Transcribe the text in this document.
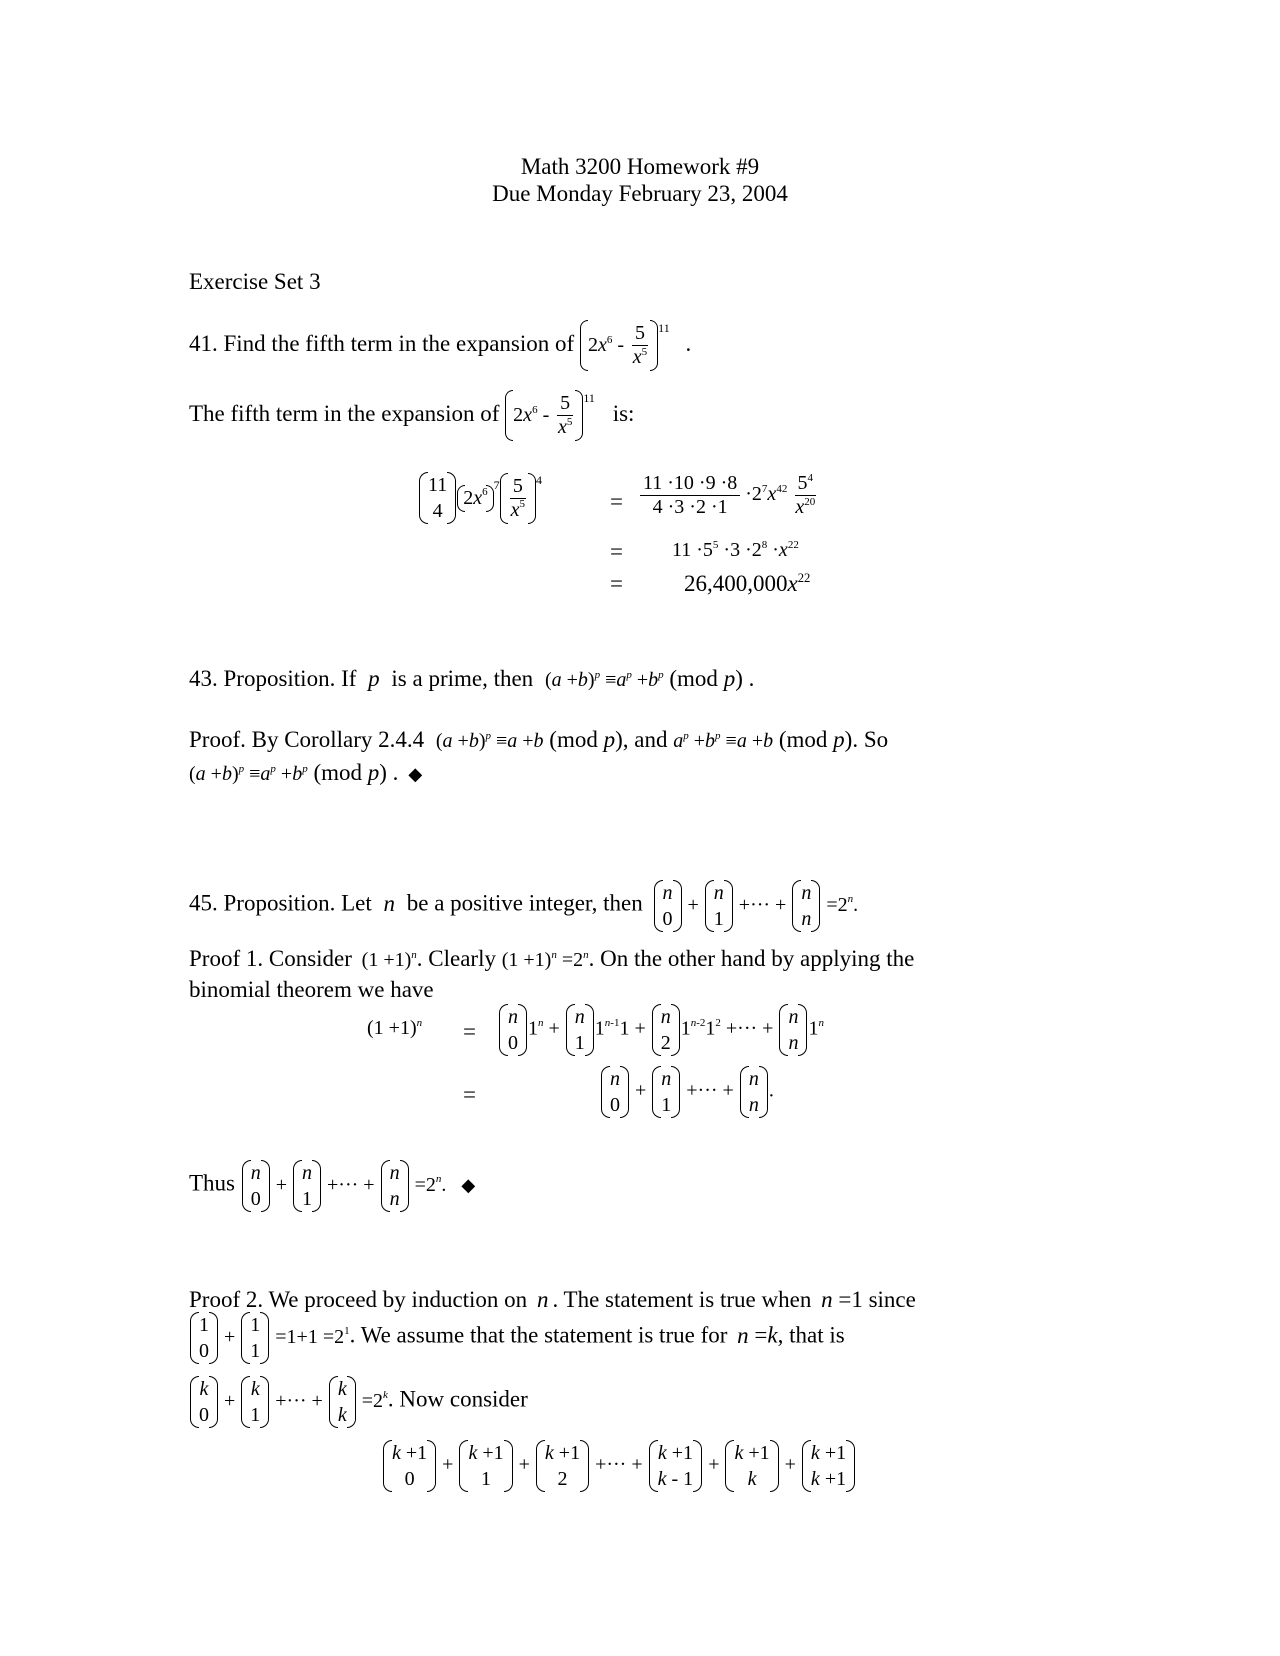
Math 3200 Homework #9
Due Monday February 23, 2004
Exercise Set 3
41. Find the fifth term in the expansion of $2x^6 - \frac{5}{x^5} ^{11}$ .
The fifth term in the expansion of $2x^6 - \frac{5}{x^5} ^{11}$ is:
11
4
$2x^{67} \frac{5}{x^5} ^4$
= $\frac{11 \cdot 10 \cdot 9 \cdot 8}{4 \cdot 3 \cdot 2 \cdot 1} \cdot 2^7x^{42} \frac{5^4}{x^{20}}$
= $11 \cdot 5^5 \cdot 3 \cdot 2^8 \cdot x^{22}$
=	$26,400,000x^{22}$
43. Proposition. If p is a prime, then $(a +b)^p \equiv a^p +b^p$ (mod p) .
Proof. By Corollary 2.4.4 $(a +b)^p \equiv a +b$ (mod p), and $a^p +b^p \equiv a +b$ (mod p). So
$(a +b)^p \equiv a^p +b^p$ (mod p) . ◆
45. Proposition. Let n be a positive integer, then n
0
+
n
1
+··· +
n
n
$=2^n$.
Proof 1. Consider $(1 +1)^n$. Clearly $(1 +1)^n =2^n$. On the other hand by applying the
binomial theorem we have
$(1 +1)^n$ =
n
0
$1^n$ +
n
1
$1^{n-1}1$ +
n
2
$1^{n-2}1^2$ +··· +
n
n
$1^n$
=
n
0
+
n
1
+··· +
n
n
.
Thus n
0
+
n
1
+··· +
n
n
$=2^n$. ◆
Proof 2. We proceed by induction on n . The statement is true when n =1 since
1
0
+
1
1
$=1+1 =2^1$. We assume that the statement is true for n =k, that is
k
0
+
k
1
+··· +
k
k
$=2^k$. Now consider
k +1
0
+
k +1
1
+
k +1
2
+··· +
k +1
k - 1
+
k +1
k
+
k +1
k +1
